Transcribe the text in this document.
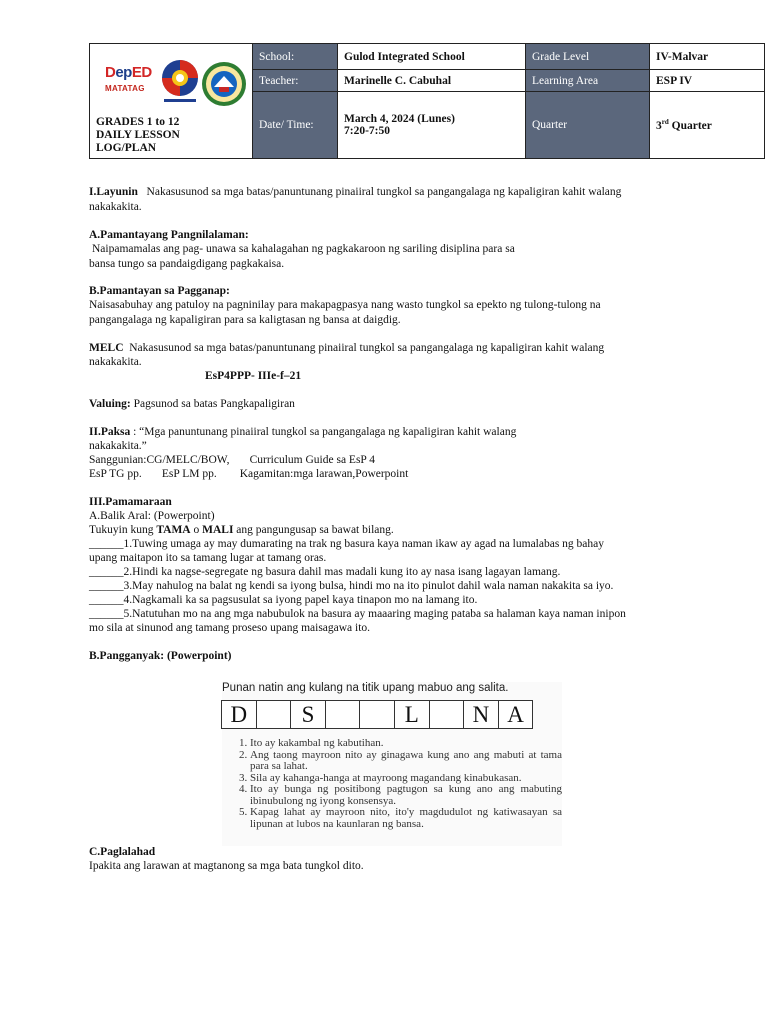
DepED
MATATAG
GRADES 1 to 12
DAILY LESSON
LOG/PLAN	School:	Gulod Integrated School	Grade Level	IV-Malvar
	Teacher:	Marinelle C. Cabuhal	Learning Area	ESP IV
	Date/ Time:	March 4, 2024 (Lunes)
7:20-7:50	Quarter	3rd Quarter
I.Layunin Nakasusunod sa mga batas/panuntunang pinaiiral tungkol sa pangangalaga ng kapaligiran kahit walang
nakakakita.
A.Pamantayang Pangnilalaman:
Naipamamalas ang pag- unawa sa kahalagahan ng pagkakaroon ng sariling disiplina para sa
bansa tungo sa pandaigdigang pagkakaisa.
B.Pamantayan sa Pagganap:
Naisasabuhay ang patuloy na pagninilay para makapagpasya nang wasto tungkol sa epekto ng tulong-tulong na
pangangalaga ng kapaligiran para sa kaligtasan ng bansa at daigdig.
MELC Nakasusunod sa mga batas/panuntunang pinaiiral tungkol sa pangangalaga ng kapaligiran kahit walang
nakakakita.
EsP4PPP- IIIe-f–21
Valuing: Pagsunod sa batas Pangkapaligiran
II.Paksa : “Mga panuntunang pinaiiral tungkol sa pangangalaga ng kapaligiran kahit walang
nakakakita.”
Sanggunian:CG/MELC/BOW, Curriculum Guide sa EsP 4
EsP TG pp. EsP LM pp. Kagamitan:mga larawan,Powerpoint
III.Pamamaraan
A.Balik Aral: (Powerpoint)
Tukuyin kung TAMA o MALI ang pangungusap sa bawat bilang.
______1.Tuwing umaga ay may dumarating na trak ng basura kaya naman ikaw ay agad na lumalabas ng bahay
upang maitapon ito sa tamang lugar at tamang oras.
______2.Hindi ka nagse-segregate ng basura dahil mas madali kung ito ay nasa isang lagayan lamang.
______3.May nahulog na balat ng kendi sa iyong bulsa, hindi mo na ito pinulot dahil wala naman nakakita sa iyo.
______4.Nagkamali ka sa pagsusulat sa iyong papel kaya tinapon mo na lamang ito.
______5.Natutuhan mo na ang mga nabubulok na basura ay maaaring maging pataba sa halaman kaya naman inipon
mo sila at sinunod ang tamang proseso upang maisagawa ito.
B.Pangganyak: (Powerpoint)
Punan natin ang kulang na titik upang mabuo ang salita.
D	S	L	N A
1. Ito ay kakambal ng kabutihan.
2. Ang taong mayroon nito ay ginagawa kung ano ang mabuti at tama para sa lahat.
3. Sila ay kahanga-hanga at mayroong magandang kinabukasan.
4. Ito ay bunga ng positibong pagtugon sa kung ano ang mabuting ibinubulong ng iyong konsensya.
5. Kapag lahat ay mayroon nito, ito'y magdudulot ng katiwasayan sa lipunan at lubos na kaunlaran ng bansa.
C.Paglalahad
Ipakita ang larawan at magtanong sa mga bata tungkol dito.
